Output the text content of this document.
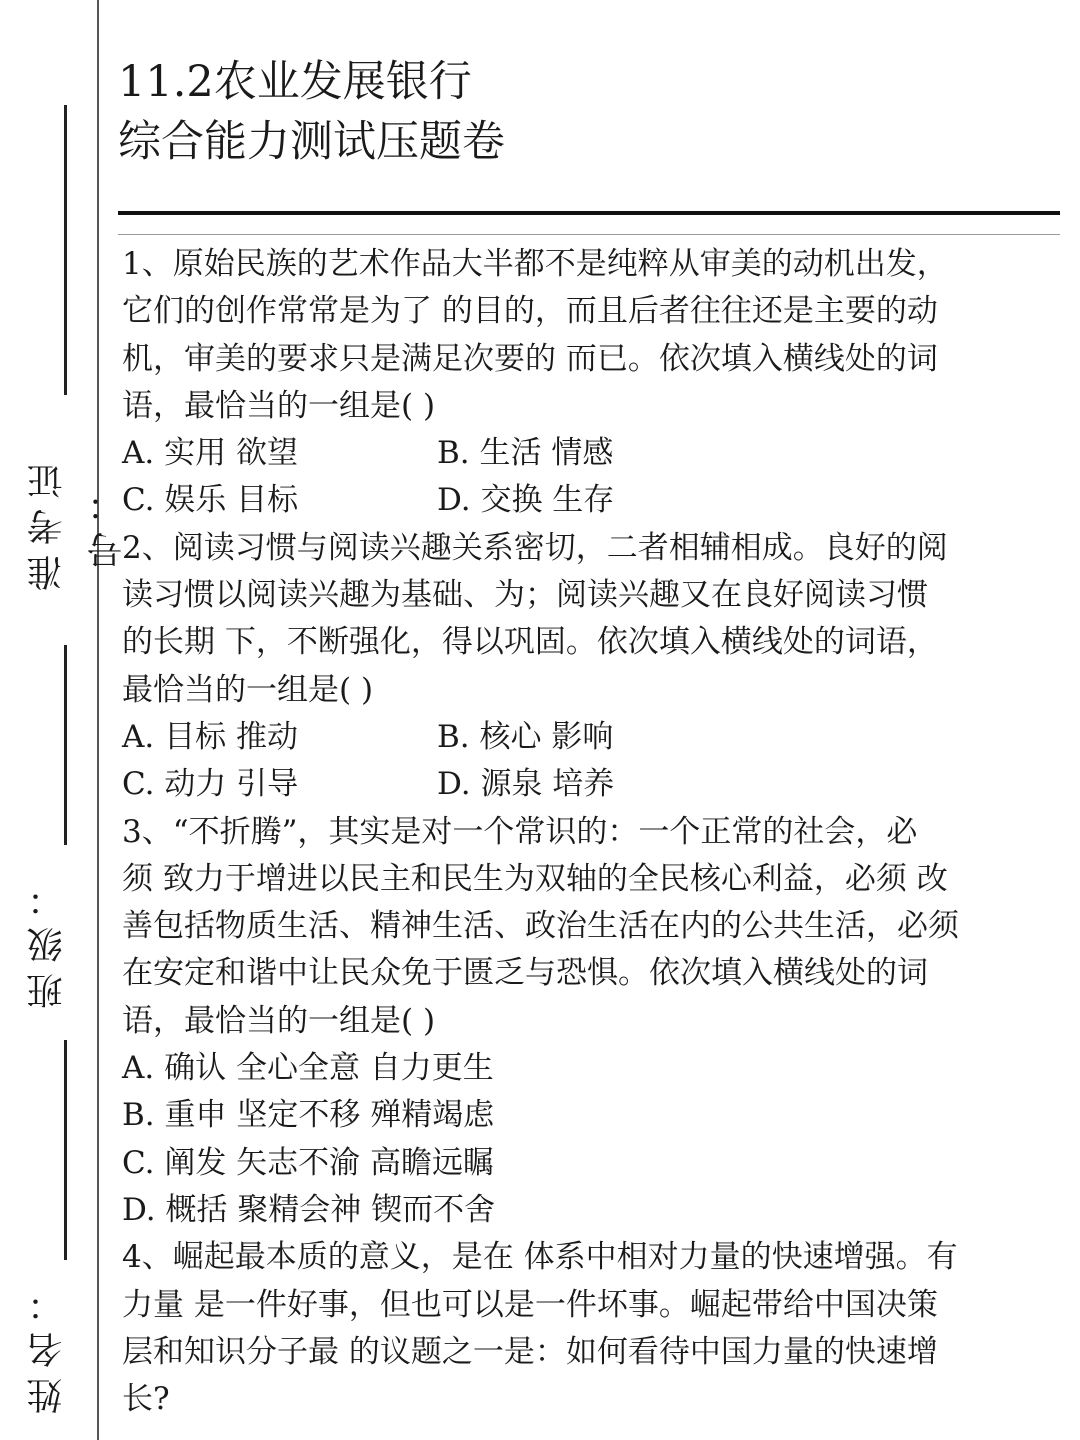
准考证号：
班级：
姓名：
11.2农业发展银行
综合能力测试压题卷
1、原始民族的艺术作品大半都不是纯粹从审美的动机出发，
它们的创作常常是为了 的目的，而且后者往往还是主要的动
机，审美的要求只是满足次要的 而已。依次填入横线处的词
语，最恰当的一组是( )
A. 实用 欲望	B. 生活 情感
C. 娱乐 目标	D. 交换 生存
2、阅读习惯与阅读兴趣关系密切，二者相辅相成。良好的阅
读习惯以阅读兴趣为基础、为；阅读兴趣又在良好阅读习惯
的长期 下，不断强化，得以巩固。依次填入横线处的词语，
最恰当的一组是( )
A. 目标 推动	B. 核心 影响
C. 动力 引导	D. 源泉 培养
3、“不折腾”，其实是对一个常识的：一个正常的社会，必
须 致力于增进以民主和民生为双轴的全民核心利益，必须 改
善包括物质生活、精神生活、政治生活在内的公共生活，必须
在安定和谐中让民众免于匮乏与恐惧。依次填入横线处的词
语，最恰当的一组是( )
A. 确认 全心全意 自力更生
B. 重申 坚定不移 殚精竭虑
C. 阐发 矢志不渝 高瞻远瞩
D. 概括 聚精会神 锲而不舍
4、崛起最本质的意义，是在 体系中相对力量的快速增强。有
力量 是一件好事，但也可以是一件坏事。崛起带给中国决策
层和知识分子最 的议题之一是：如何看待中国力量的快速增
长?
